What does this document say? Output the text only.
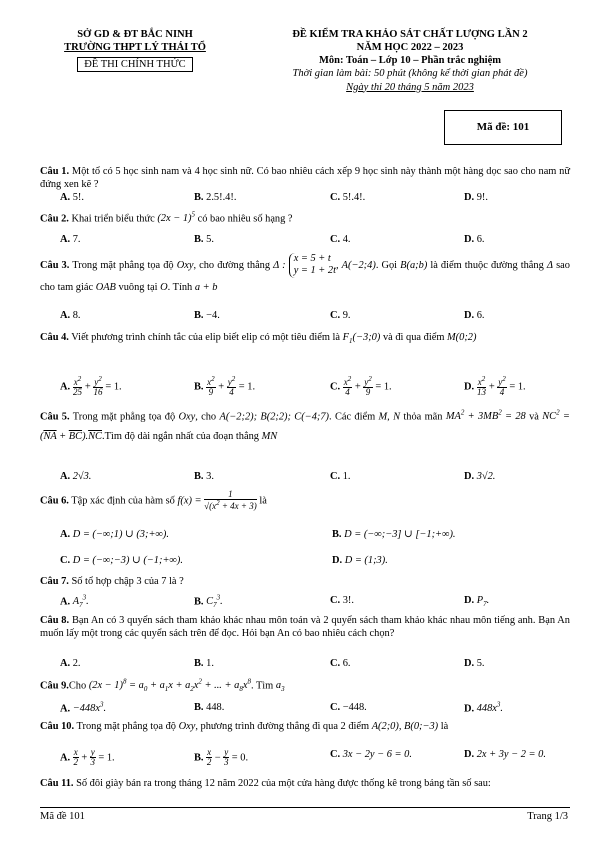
SỞ GD & ĐT BẮC NINH
TRƯỜNG THPT LÝ THÁI TỔ
ĐỀ THI CHÍNH THỨC
ĐỀ KIỂM TRA KHẢO SÁT CHẤT LƯỢNG LẦN 2
NĂM HỌC 2022 – 2023
Môn: Toán – Lớp 10 – Phần trắc nghiệm
Thời gian làm bài: 50 phút (không kể thời gian phát đề)
Ngày thi 20 tháng 5 năm 2023
Mã đề: 101
Câu 1. Một tổ có 5 học sinh nam và 4 học sinh nữ. Có bao nhiêu cách xếp 9 học sinh này thành một hàng dọc sao cho nam nữ đứng xen kẽ ?
A. 5!.	B. 2.5!.4!.	C. 5!.4!.	D. 9!.
Câu 2. Khai triển biểu thức $(2x - 1)^5$ có bao nhiêu số hạng ?
A. 7.	B. 5.	C. 4.	D. 6.
Câu 3. Trong mặt phẳng tọa độ Oxy, cho đường thẳng Δ : x = 5 + t
y = 1 + 2t, A(−2;4). Gọi B(a;b) là điểm thuộc đường thẳng Δ sao cho tam giác OAB vuông tại O. Tính a + b
A. 8.	B. −4.	C. 9.	D. 6.
Câu 4. Viết phương trình chính tắc của elip biết elip có một tiêu điểm là $F_1(-3;0)$ và đi qua điểm M(0;2)
A. $\frac{x^2}{25} + \frac{y^2}{16} = 1$.	B. $\frac{x^2}{9} + \frac{y^2}{4} = 1$.	C. $\frac{x^2}{4} + \frac{y^2}{9} = 1$.	D. $\frac{x^2}{13} + \frac{y^2}{4} = 1$.
Câu 5. Trong mặt phẳng tọa độ Oxy, cho A(−2;2); B(2;2); C(−4;7). Các điểm M, N thỏa mãn $MA^2 + 3MB^2 = 28$ và $NC^2 = (\overline{NA}$ + $\overline{BC}).\overline{NC}.Tìm$ độ dài ngắn nhất của đoạn thẳng MN
A. 2√3.	B. 3.	C. 1.	D. 3√2.
Câu 6. Tập xác định của hàm số $f(x) = \frac{1}{√(x^2 + 4x + 3)}$ là
A. D = (−∞;1) ∪ (3;+∞).	B. D = (−∞;−3] ∪ [−1;+∞).
C. D = (−∞;−3) ∪ (−1;+∞).	D. D = (1;3).
Câu 7. Số tổ hợp chập 3 của 7 là ?
A. $A_7^3$.	B. $C_7^3$.	C. 3!.	D. $P_7$.
Câu 8. Bạn An có 3 quyển sách tham khảo khác nhau môn toán và 2 quyển sách tham khảo khác nhau môn tiếng anh. Bạn An muốn lấy một trong các quyển sách trên để đọc. Hỏi bạn An có bao nhiêu cách chọn?
A. 2.	B. 1.	C. 6.	D. 5.
Câu 9.Cho $(2x - 1)^8 = a_0 + a_1x + a_2x^2$ + ... + $a_8x^8$. Tìm $a_3$
A. $-448x^3$.	B. 448.	C. −448.	D. $448x^3$.
Câu 10. Trong mặt phẳng tọa độ Oxy, phương trình đường thẳng đi qua 2 điểm A(2;0), B(0;−3) là
A. $\frac{x}{2} + \frac{y}{3} = 1$.	B. $\frac{x}{2} - \frac{y}{3} = 0$.	C. 3x − 2y − 6 = 0.	D. 2x + 3y − 2 = 0.
Câu 11. Số đôi giày bán ra trong tháng 12 năm 2022 của một cửa hàng được thống kê trong bảng tần số sau:
Mã đề 101	Trang 1/3
